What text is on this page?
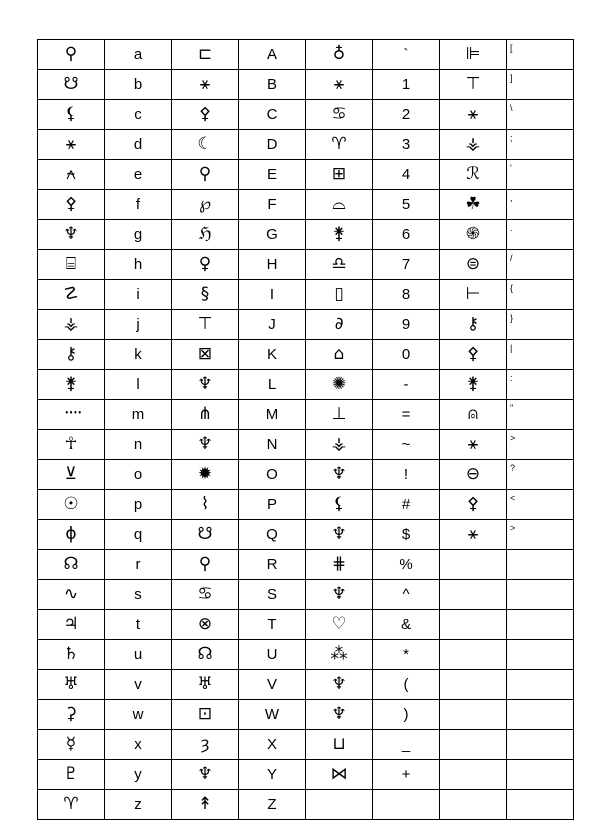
⚲	a	⊏	A	♁	`	⊫	[
☋	b	⚹	B	⚹	1	⊤	]
⚸	c	⚴	C	♋	2	⚹	\
⚹	d	☾	D	♈	3	⚶	;
⍲	e	⚲	E	⊞	4	ℛ	'
⚴	f	℘	F	⌓	5	☘	,
♆	g	ℌ	G	⚵	6	֍	.
⌸	h	♀	H	♎	7	⊜	/
☡	i	§	I	▯	8	⊢	{
⚶	j	⊤	J	∂	9	⚷	}
⚷	k	⊠	K	⌂	0	⚴	|
⚵	l	♆	L	✺	-	⚵	:
᠁	m	⋔	M	⊥	=	⍝	"
☥	n	♆	N	⚶	~	⚹	>
⊻	o	✹	O	♆	!	⊖	?
☉	p	⌇	P	⚸	#	⚴	<
ɸ	q	☋	Q	♆	$	⚹	>
☊	r	⚲	R	⋕	%		
∿	s	♋	S	♆	^		
♃	t	⊗	T	♡	&		
♄	u	☊	U	⁂	*		
♅	v	♅	V	♆	(		
⚳	w	⊡	W	♆	)		
☿	x	ȝ	X	⊔	_		
♇	y	♆	Y	⋈	+		
♈	z	↟	Z				
